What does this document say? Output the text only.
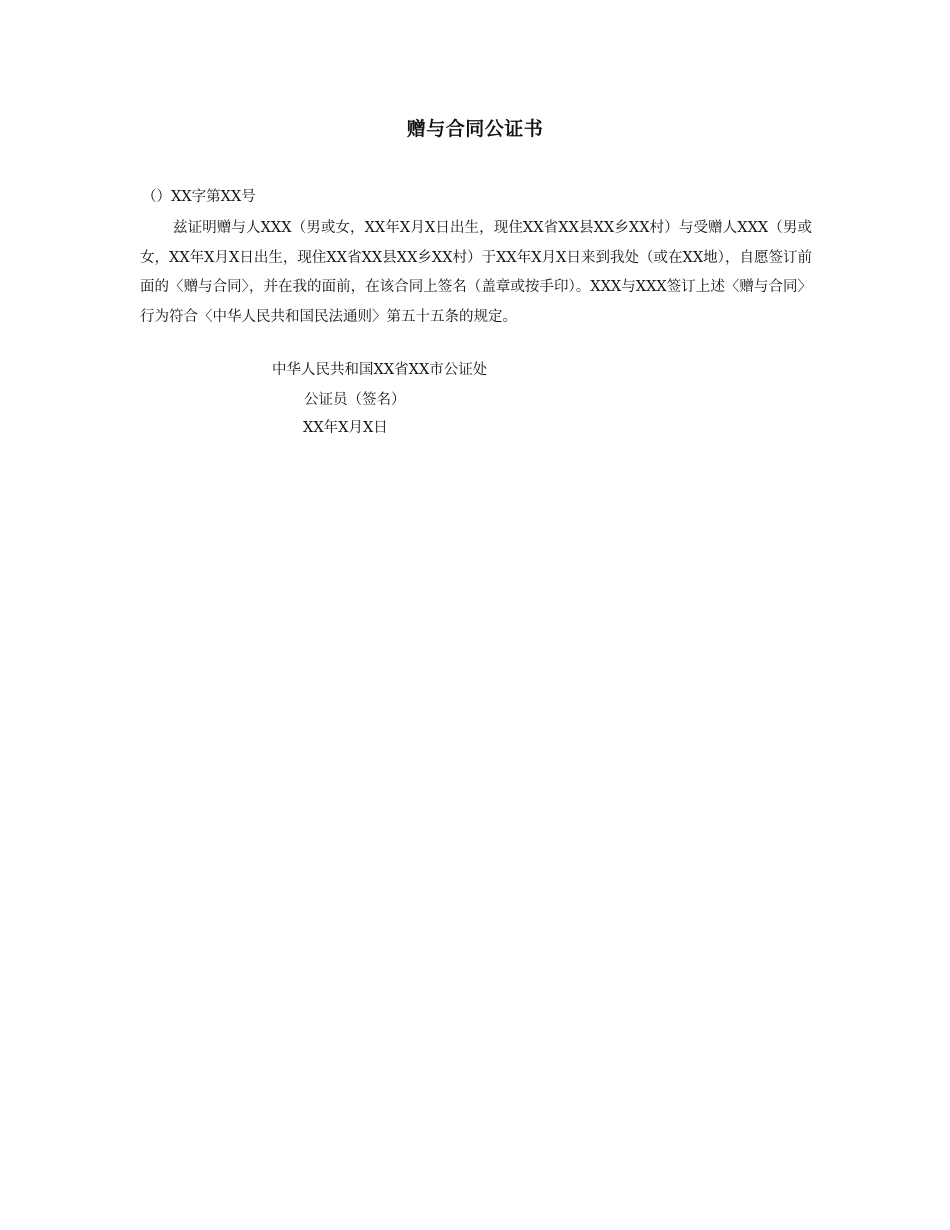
赠与合同公证书
（）XX字第XX号

兹证明赠与人XXX（男或女，XX年X月X日出生，现住XX省XX县XX乡XX村）与受赠人XXX（男或女，XX年X月X日出生，现住XX省XX县XX乡XX村）于XX年X月X日来到我处（或在XX地），自愿签订前面的〈赠与合同〉，并在我的面前，在该合同上签名（盖章或按手印）。XXX与XXX签订上述〈赠与合同〉行为符合〈中华人民共和国民法通则〉第五十五条的规定。

中华人民共和国XX省XX市公证处
公证员（签名）
XX年X月X日
